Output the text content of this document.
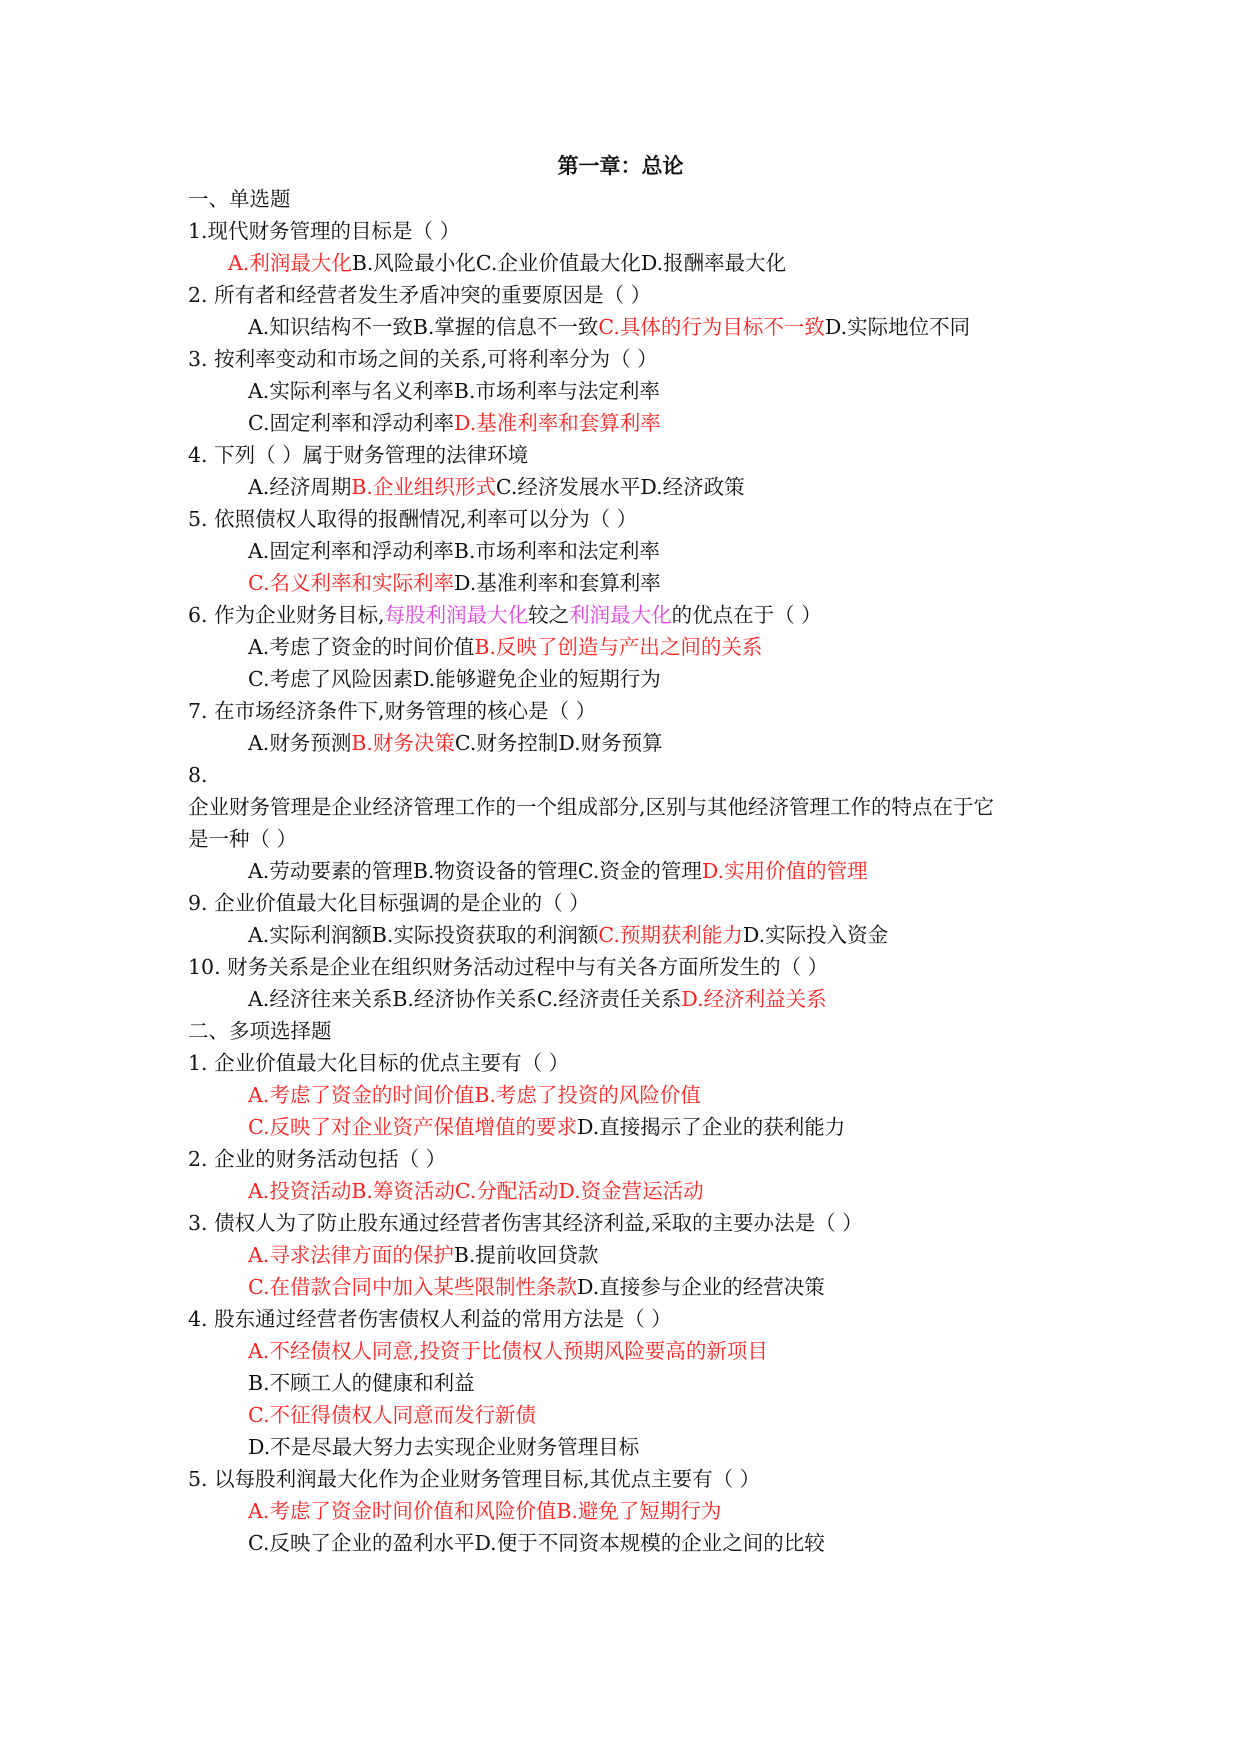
第一章：总论
一、单选题
1.现代财务管理的目标是（ ）
A.利润最大化B.风险最小化C.企业价值最大化D.报酬率最大化
2. 所有者和经营者发生矛盾冲突的重要原因是（ ）
A.知识结构不一致B.掌握的信息不一致C.具体的行为目标不一致D.实际地位不同
3. 按利率变动和市场之间的关系,可将利率分为（ ）
A.实际利率与名义利率B.市场利率与法定利率
C.固定利率和浮动利率D.基准利率和套算利率
4. 下列（ ）属于财务管理的法律环境
A.经济周期B.企业组织形式C.经济发展水平D.经济政策
5. 依照债权人取得的报酬情况,利率可以分为（ ）
A.固定利率和浮动利率B.市场利率和法定利率
C.名义利率和实际利率D.基准利率和套算利率
6. 作为企业财务目标,每股利润最大化较之利润最大化的优点在于（ ）
A.考虑了资金的时间价值B.反映了创造与产出之间的关系
C.考虑了风险因素D.能够避免企业的短期行为
7. 在市场经济条件下,财务管理的核心是（ ）
A.财务预测B.财务决策C.财务控制D.财务预算
8.
企业财务管理是企业经济管理工作的一个组成部分,区别与其他经济管理工作的特点在于它
是一种（ ）
A.劳动要素的管理B.物资设备的管理C.资金的管理D.实用价值的管理
9. 企业价值最大化目标强调的是企业的（ ）
A.实际利润额B.实际投资获取的利润额C.预期获利能力D.实际投入资金
10. 财务关系是企业在组织财务活动过程中与有关各方面所发生的（ ）
A.经济往来关系B.经济协作关系C.经济责任关系D.经济利益关系
二、多项选择题
1. 企业价值最大化目标的优点主要有（ ）
A.考虑了资金的时间价值B.考虑了投资的风险价值
C.反映了对企业资产保值增值的要求D.直接揭示了企业的获利能力
2. 企业的财务活动包括（ ）
A.投资活动B.筹资活动C.分配活动D.资金营运活动
3. 债权人为了防止股东通过经营者伤害其经济利益,采取的主要办法是（ ）
A.寻求法律方面的保护B.提前收回贷款
C.在借款合同中加入某些限制性条款D.直接参与企业的经营决策
4. 股东通过经营者伤害债权人利益的常用方法是（ ）
A.不经债权人同意,投资于比债权人预期风险要高的新项目
B.不顾工人的健康和利益
C.不征得债权人同意而发行新债
D.不是尽最大努力去实现企业财务管理目标
5. 以每股利润最大化作为企业财务管理目标,其优点主要有（ ）
A.考虑了资金时间价值和风险价值B.避免了短期行为
C.反映了企业的盈利水平D.便于不同资本规模的企业之间的比较
